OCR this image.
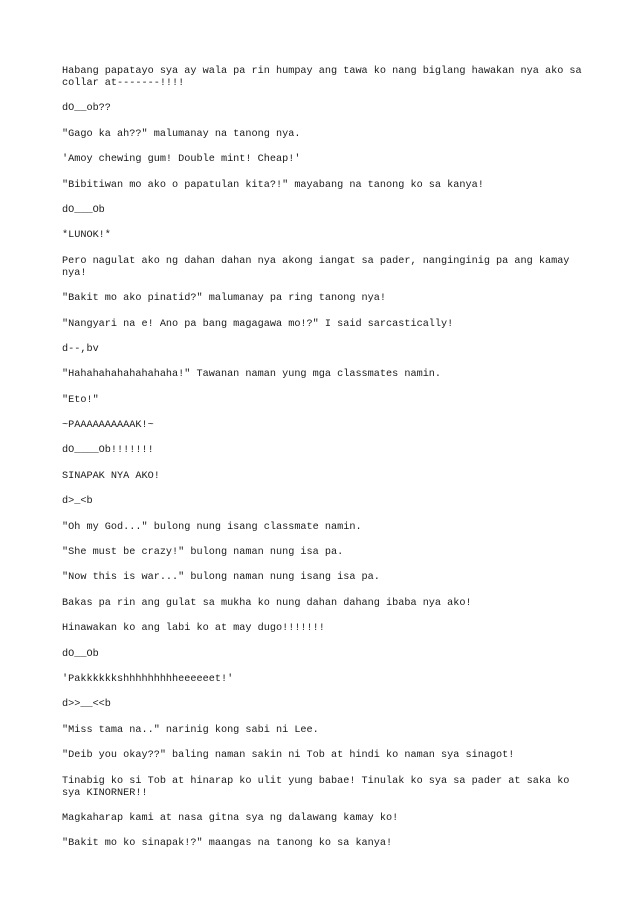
Habang papatayo sya ay wala pa rin humpay ang tawa ko nang biglang hawakan nya ako sa collar at-------!!!!

dO__ob??

"Gago ka ah??" malumanay na tanong nya.

'Amoy chewing gum! Double mint! Cheap!'

"Bibitiwan mo ako o papatulan kita?!" mayabang na tanong ko sa kanya!

dO___Ob

*LUNOK!*

Pero nagulat ako ng dahan dahan nya akong iangat sa pader, nanginginig pa ang kamay nya!

"Bakit mo ako pinatid?" malumanay pa ring tanong nya!

"Nangyari na e! Ano pa bang magagawa mo!?" I said sarcastically!

d--,bv

"Hahahahahahahahaha!" Tawanan naman yung mga classmates namin.

"Eto!"

~PAAAAAAAAAAK!~

dO____Ob!!!!!!!

SINAPAK NYA AKO!

d>_<b

"Oh my God..." bulong nung isang classmate namin.

"She must be crazy!" bulong naman nung isa pa.

"Now this is war..." bulong naman nung isang isa pa.

Bakas pa rin ang gulat sa mukha ko nung dahan dahang ibaba nya ako!

Hinawakan ko ang labi ko at may dugo!!!!!!!

dO__Ob

'Pakkkkkkshhhhhhhhheeeeeet!'

d>>__<<b

"Miss tama na.." narinig kong sabi ni Lee.

"Deib you okay??" baling naman sakin ni Tob at hindi ko naman sya sinagot!

Tinabig ko si Tob at hinarap ko ulit yung babae! Tinulak ko sya sa pader at saka ko sya KINORNER!!

Magkaharap kami at nasa gitna sya ng dalawang kamay ko!

"Bakit mo ko sinapak!?" maangas na tanong ko sa kanya!
